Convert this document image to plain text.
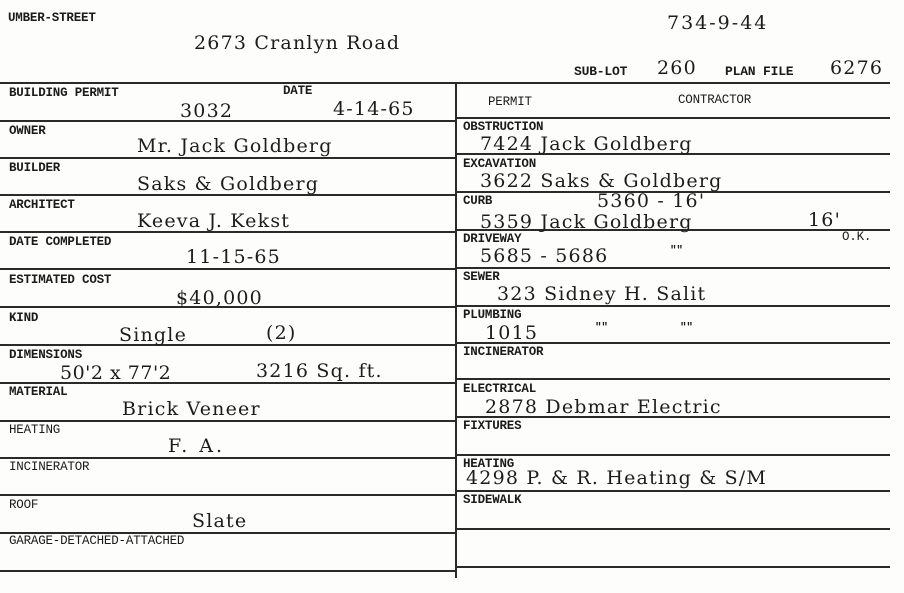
UMBER-STREET
2673 Cranlyn Road
734-9-44
SUB-LOT 260 PLAN FILE 6276
BUILDING PERMIT	DATE
3032	4-14-65
OWNER
Mr. Jack Goldberg
BUILDER
Saks & Goldberg
ARCHITECT
Keeva J. Kekst
DATE COMPLETED
11-15-65
ESTIMATED COST
$40,000
KIND
Single	(2)
DIMENSIONS
50'2 x 77'2	3216 Sq. ft.
MATERIAL
Brick Veneer
HEATING
F. A.
INCINERATOR
ROOF
Slate
GARAGE-DETACHED-ATTACHED
PERMIT	CONTRACTOR
OBSTRUCTION
7424 Jack Goldberg
EXCAVATION
3622 Saks & Goldberg
CURB	5360 - 16'
5359 Jack Goldberg	16'
O.K.
DRIVEWAY
5685 - 5686	""
SEWER
323 Sidney H. Salit
PLUMBING
1015	""	""
INCINERATOR
ELECTRICAL
2878 Debmar Electric
FIXTURES
HEATING
4298 P. & R. Heating & S/M
SIDEWALK
